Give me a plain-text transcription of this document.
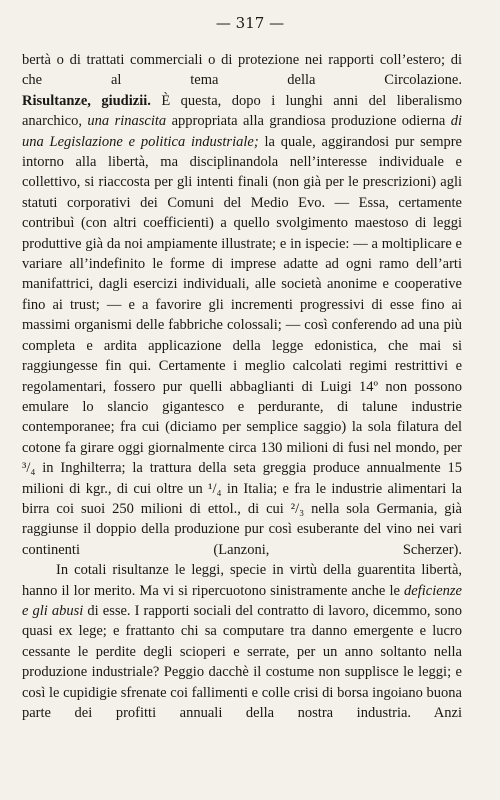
— 317 —

bertà o di trattati commerciali o di protezione nei rapporti coll’estero; di che al tema della Circolazione.

Risultanze, giudizii. È questa, dopo i lunghi anni del liberalismo anarchico, una rinascita appropriata alla grandiosa produzione odierna di una Legislazione e politica industriale; la quale, aggirandosi pur sempre intorno alla libertà, ma disciplinandola nell’interesse individuale e collettivo, si riaccosta per gli intenti finali (non già per le prescrizioni) agli statuti corporativi dei Comuni del Medio Evo. — Essa, certamente contribuì (con altri coefficienti) a quello svolgimento maestoso di leggi produttive già da noi ampiamente illustrate; e in ispecie: — a moltiplicare e variare all’indefinito le forme di imprese adatte ad ogni ramo dell’arti manifattrici, dagli esercizi individuali, alle società anonime e cooperative fino ai trust; — e a favorire gli incrementi progressivi di esse fino ai massimi organismi delle fabbriche colossali; — così conferendo ad una più completa e ardita applicazione della legge edonistica, che mai si raggiungesse fin qui. Certamente i meglio calcolati regimi restrittivi e regolamentari, fossero pur quelli abbaglianti di Luigi 14º non possono emulare lo slancio gigantesco e perdurante, di talune industrie contemporanee; fra cui (diciamo per semplice saggio) la sola filatura del cotone fa girare oggi giornalmente circa 130 milioni di fusi nel mondo, per ³/₄ in Inghilterra; la trattura della seta greggia produce annualmente 15 milioni di kgr., di cui oltre un ¹/₄ in Italia; e fra le industrie alimentari la birra coi suoi 250 milioni di ettol., di cui ²/₃ nella sola Germania, già raggiunse il doppio della produzione pur così esuberante del vino nei vari continenti (Lanzoni, Scherzer).

In cotali risultanze le leggi, specie in virtù della guarentita libertà, hanno il lor merito. Ma vi si ripercuotono sinistramente anche le deficienze e gli abusi di esse. I rapporti sociali del contratto di lavoro, dicemmo, sono quasi ex lege; e frattanto chi sa computare tra danno emergente e lucro cessante le perdite degli scioperi e serrate, per un anno soltanto nella produzione industriale? Peggio dacchè il costume non supplisce le leggi; e così le cupidigie sfrenate coi fallimenti e colle crisi di borsa ingoiano buona parte dei profitti annuali della nostra industria. Anzi
